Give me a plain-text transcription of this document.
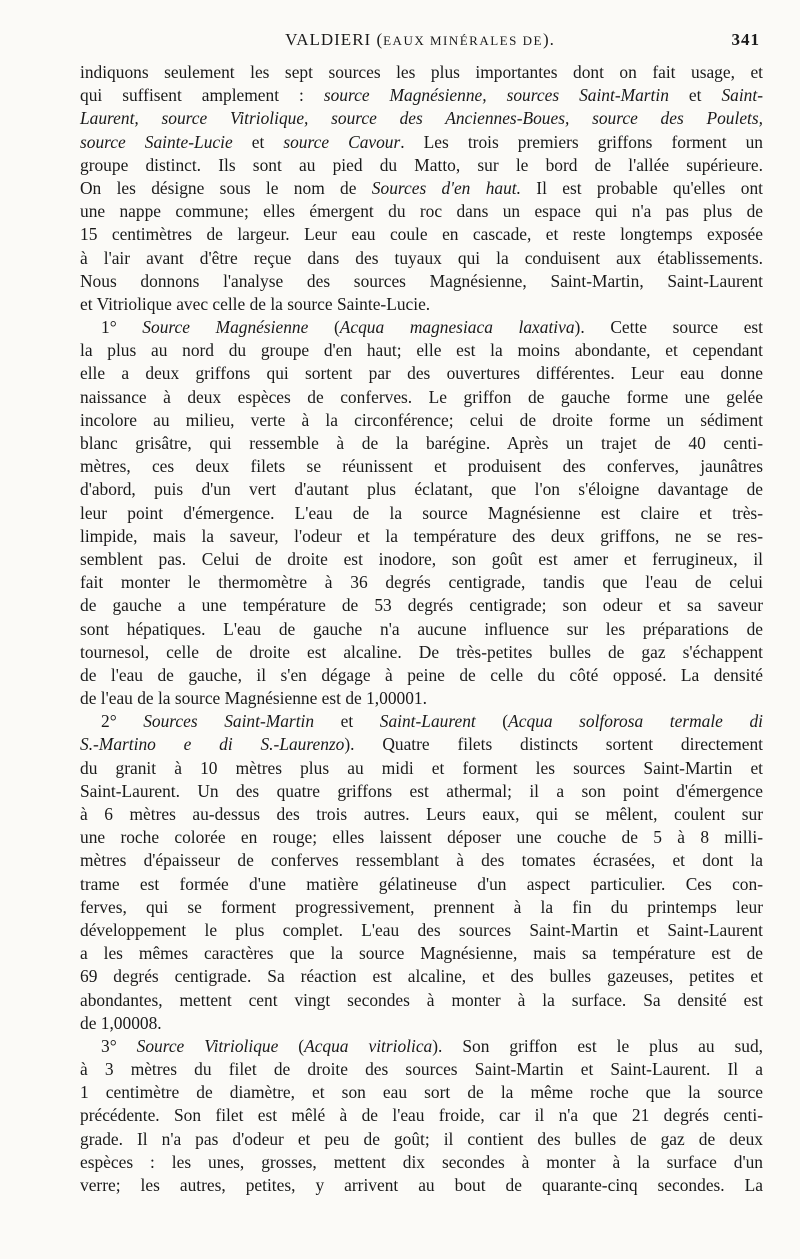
VALDIERI (EAUX MINÉRALES DE).	341
indiquons seulement les sept sources les plus importantes dont on fait usage, et
qui suffisent amplement : source Magnésienne, sources Saint-Martin et Saint-
Laurent, source Vitriolique, source des Anciennes-Boues, source des Poulets,
source Sainte-Lucie et source Cavour. Les trois premiers griffons forment un
groupe distinct. Ils sont au pied du Matto, sur le bord de l'allée supérieure.
On les désigne sous le nom de Sources d'en haut. Il est probable qu'elles ont
une nappe commune; elles émergent du roc dans un espace qui n'a pas plus de
15 centimètres de largeur. Leur eau coule en cascade, et reste longtemps exposée
à l'air avant d'être reçue dans des tuyaux qui la conduisent aux établissements.
Nous donnons l'analyse des sources Magnésienne, Saint-Martin, Saint-Laurent
et Vitriolique avec celle de la source Sainte-Lucie.
1° Source Magnésienne (Acqua magnesiaca laxativa). Cette source est
la plus au nord du groupe d'en haut; elle est la moins abondante, et cependant
elle a deux griffons qui sortent par des ouvertures différentes. Leur eau donne
naissance à deux espèces de conferves. Le griffon de gauche forme une gelée
incolore au milieu, verte à la circonférence; celui de droite forme un sédiment
blanc grisâtre, qui ressemble à de la barégine. Après un trajet de 40 centi-
mètres, ces deux filets se réunissent et produisent des conferves, jaunâtres
d'abord, puis d'un vert d'autant plus éclatant, que l'on s'éloigne davantage de
leur point d'émergence. L'eau de la source Magnésienne est claire et très-
limpide, mais la saveur, l'odeur et la température des deux griffons, ne se res-
semblent pas. Celui de droite est inodore, son goût est amer et ferrugineux, il
fait monter le thermomètre à 36 degrés centigrade, tandis que l'eau de celui
de gauche a une température de 53 degrés centigrade; son odeur et sa saveur
sont hépatiques. L'eau de gauche n'a aucune influence sur les préparations de
tournesol, celle de droite est alcaline. De très-petites bulles de gaz s'échappent
de l'eau de gauche, il s'en dégage à peine de celle du côté opposé. La densité
de l'eau de la source Magnésienne est de 1,00001.
2° Sources Saint-Martin et Saint-Laurent (Acqua solforosa termale di
S.-Martino e di S.-Laurenzo). Quatre filets distincts sortent directement
du granit à 10 mètres plus au midi et forment les sources Saint-Martin et
Saint-Laurent. Un des quatre griffons est athermal; il a son point d'émergence
à 6 mètres au-dessus des trois autres. Leurs eaux, qui se mêlent, coulent sur
une roche colorée en rouge; elles laissent déposer une couche de 5 à 8 milli-
mètres d'épaisseur de conferves ressemblant à des tomates écrasées, et dont la
trame est formée d'une matière gélatineuse d'un aspect particulier. Ces con-
ferves, qui se forment progressivement, prennent à la fin du printemps leur
développement le plus complet. L'eau des sources Saint-Martin et Saint-Laurent
a les mêmes caractères que la source Magnésienne, mais sa température est de
69 degrés centigrade. Sa réaction est alcaline, et des bulles gazeuses, petites et
abondantes, mettent cent vingt secondes à monter à la surface. Sa densité est
de 1,00008.
3° Source Vitriolique (Acqua vitriolica). Son griffon est le plus au sud,
à 3 mètres du filet de droite des sources Saint-Martin et Saint-Laurent. Il a
1 centimètre de diamètre, et son eau sort de la même roche que la source
précédente. Son filet est mêlé à de l'eau froide, car il n'a que 21 degrés centi-
grade. Il n'a pas d'odeur et peu de goût; il contient des bulles de gaz de deux
espèces : les unes, grosses, mettent dix secondes à monter à la surface d'un
verre; les autres, petites, y arrivent au bout de quarante-cinq secondes. La
